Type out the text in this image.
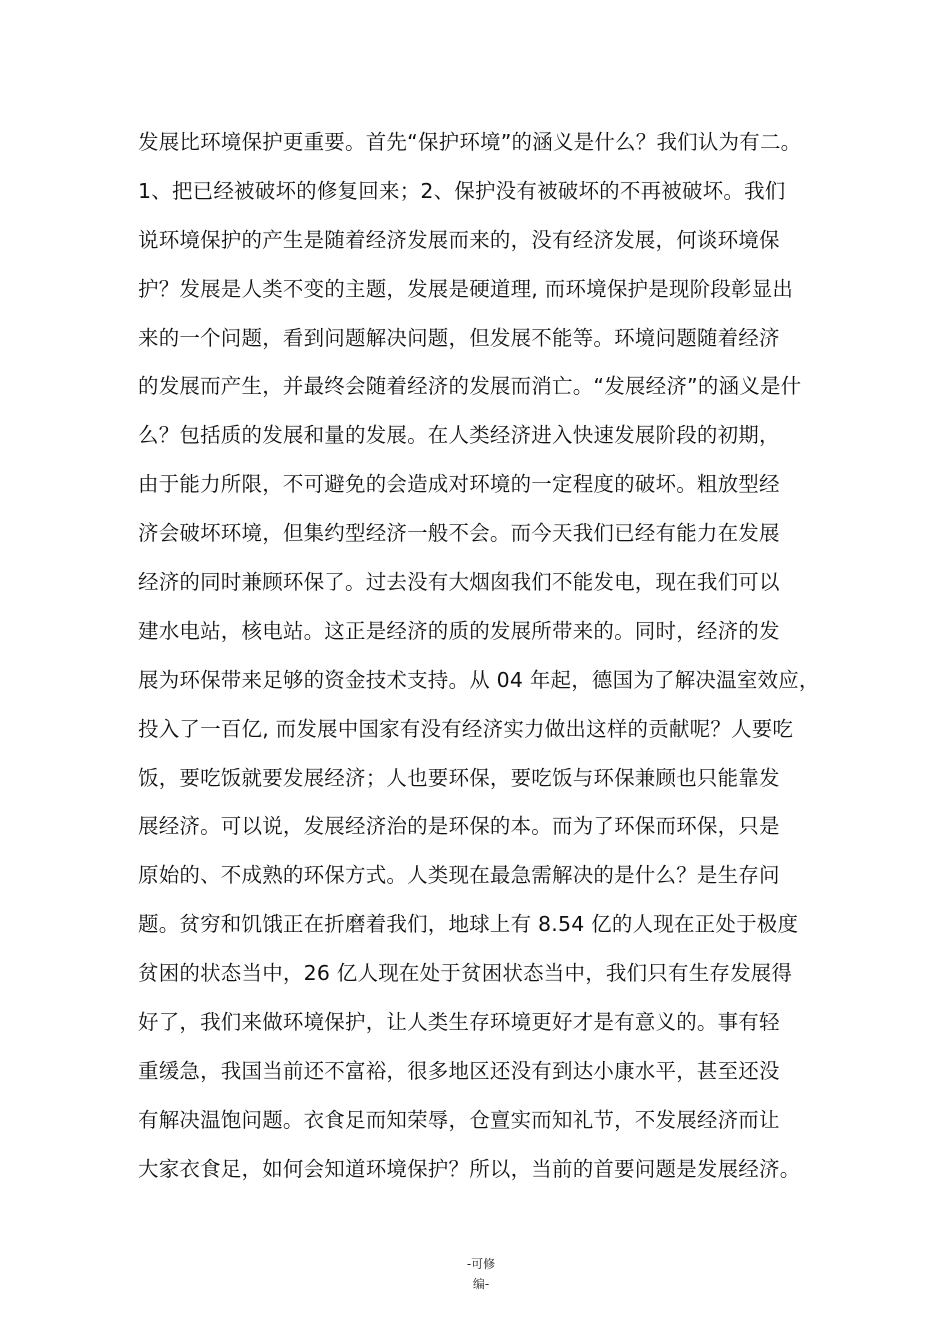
发展比环境保护更重要。首先“保护环境”的涵义是什么？我们认为有二。
1、把已经被破坏的修复回来；2、保护没有被破坏的不再被破坏。我们
说环境保护的产生是随着经济发展而来的，没有经济发展，何谈环境保
护？发展是人类不变的主题，发展是硬道理, 而环境保护是现阶段彰显出
来的一个问题，看到问题解决问题，但发展不能等。环境问题随着经济
的发展而产生，并最终会随着经济的发展而消亡。“发展经济”的涵义是什
么？包括质的发展和量的发展。在人类经济进入快速发展阶段的初期，
由于能力所限，不可避免的会造成对环境的一定程度的破坏。粗放型经
济会破坏环境，但集约型经济一般不会。而今天我们已经有能力在发展
经济的同时兼顾环保了。过去没有大烟囱我们不能发电，现在我们可以
建水电站，核电站。这正是经济的质的发展所带来的。同时，经济的发
展为环保带来足够的资金技术支持。从 04 年起，德国为了解决温室效应，
投入了一百亿, 而发展中国家有没有经济实力做出这样的贡献呢？人要吃
饭，要吃饭就要发展经济；人也要环保，要吃饭与环保兼顾也只能靠发
展经济。可以说，发展经济治的是环保的本。而为了环保而环保，只是
原始的、不成熟的环保方式。人类现在最急需解决的是什么？是生存问
题。贫穷和饥饿正在折磨着我们，地球上有 8.54 亿的人现在正处于极度
贫困的状态当中，26 亿人现在处于贫困状态当中，我们只有生存发展得
好了，我们来做环境保护，让人类生存环境更好才是有意义的。事有轻
重缓急，我国当前还不富裕，很多地区还没有到达小康水平，甚至还没
有解决温饱问题。衣食足而知荣辱，仓亶实而知礼节，不发展经济而让
大家衣食足，如何会知道环境保护？所以，当前的首要问题是发展经济。
-可修
编-
